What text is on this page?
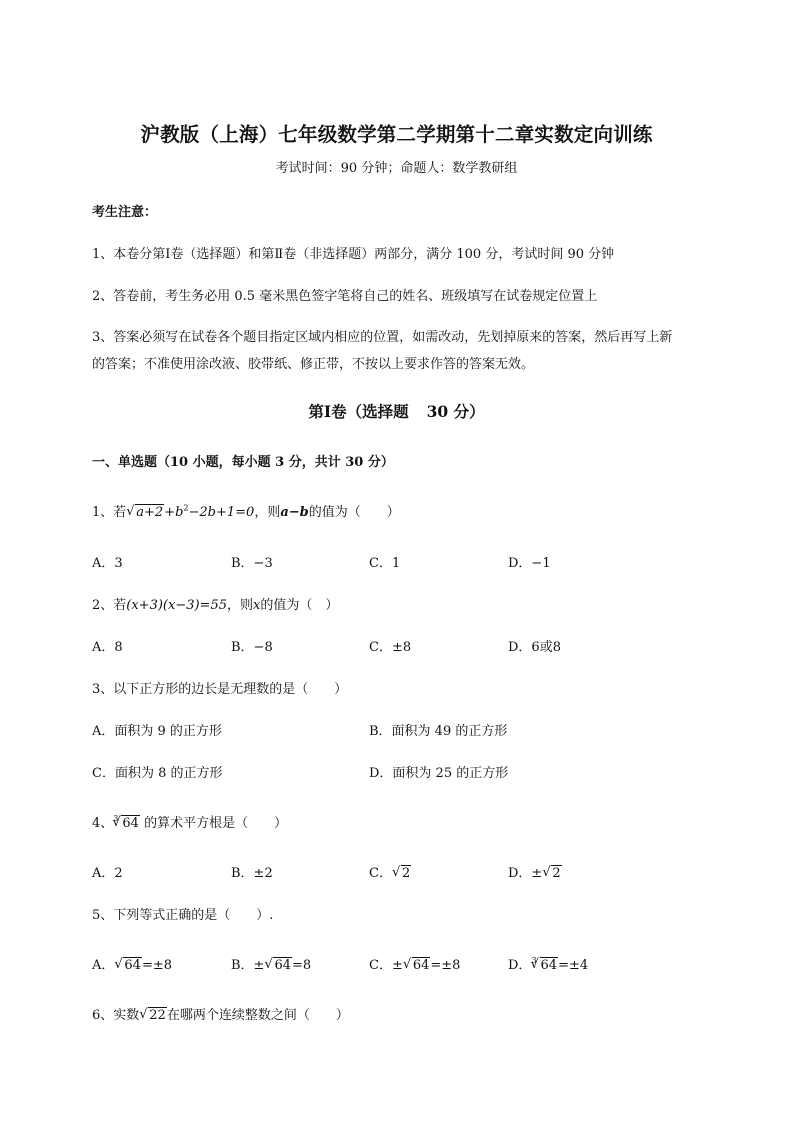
沪教版（上海）七年级数学第二学期第十二章实数定向训练
考试时间：90 分钟；命题人：数学教研组
考生注意：
1、本卷分第Ⅰ卷（选择题）和第Ⅱ卷（非选择题）两部分，满分 100 分，考试时间 90 分钟
2、答卷前，考生务必用 0.5 毫米黑色签字笔将自己的姓名、班级填写在试卷规定位置上
3、答案必须写在试卷各个题目指定区域内相应的位置，如需改动，先划掉原来的答案，然后再写上新
的答案；不准使用涂改液、胶带纸、修正带，不按以上要求作答的答案无效。
第Ⅰ卷（选择题 30 分）
一、单选题（10 小题，每小题 3 分，共计 30 分）
1、若 √ $a+2+b^2-2b+1=0$，则a−b的值为（　　）
A．3	B．−3	C．1	D．−1
2、若(x+3)(x−3)=55，则x的值为（　）
A．8	B．−8	C．±8	D．6或8
3、以下正方形的边长是无理数的是（　　）
A．面积为 9 的正方形	B．面积为 49 的正方形
C．面积为 8 的正方形	D．面积为 25 的正方形
4、$^3$ √ 64 的算术平方根是（　　）
A．2	B．±2	C． √ 2	D．± √ 2
5、下列等式正确的是（　　）.
A． √ 64=±8	B．± √ 64=8	C．± √ 64=±8	D．$^3$ √ 64=±4
6、实数 √ 22在哪两个连续整数之间（　　）
